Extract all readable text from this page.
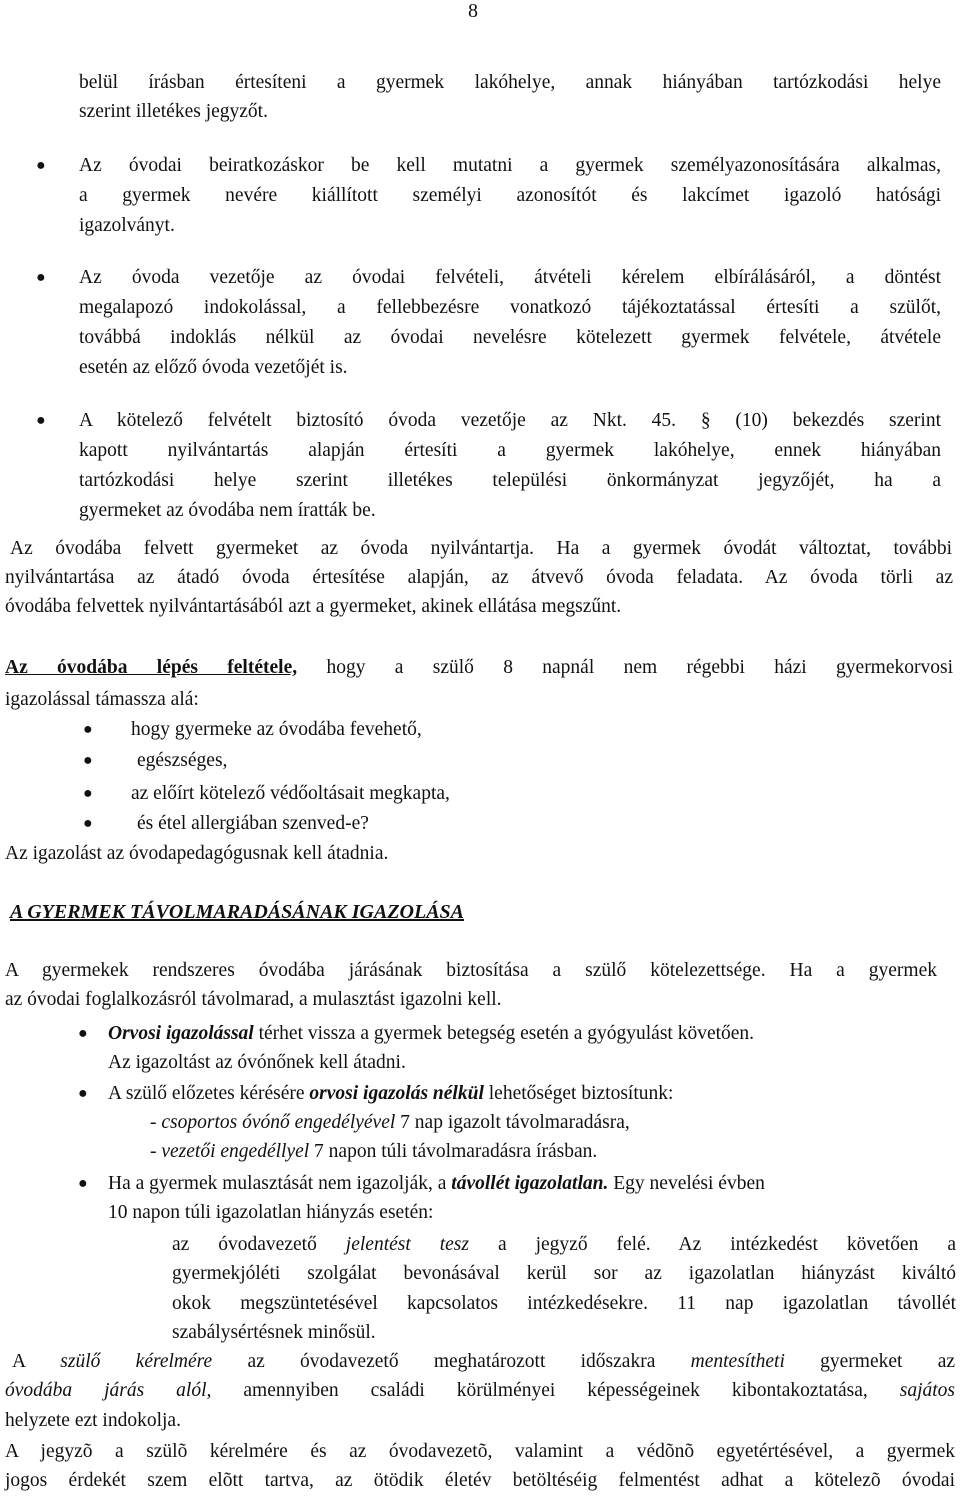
8
belül írásban értesíteni a gyermek lakóhelye, annak hiányában tartózkodási helye
szerint illetékes jegyzőt.
● Az óvodai beiratkozáskor be kell mutatni a gyermek személyazonosítására alkalmas,
a gyermek nevére kiállított személyi azonosítót és lakcímet igazoló hatósági
igazolványt.
● Az óvoda vezetője az óvodai felvételi, átvételi kérelem elbírálásáról, a döntést
megalapozó indokolással, a fellebbezésre vonatkozó tájékoztatással értesíti a szülőt,
továbbá indoklás nélkül az óvodai nevelésre kötelezett gyermek felvétele, átvétele
esetén az előző óvoda vezetőjét is.
● A kötelező felvételt biztosító óvoda vezetője az Nkt. 45. § (10) bekezdés szerint
kapott nyilvántartás alapján értesíti a gyermek lakóhelye, ennek hiányában
tartózkodási helye szerint illetékes települési önkormányzat jegyzőjét, ha a
gyermeket az óvodába nem íratták be.
Az óvodába felvett gyermeket az óvoda nyilvántartja. Ha a gyermek óvodát változtat, további
nyilvántartása az átadó óvoda értesítése alapján, az átvevő óvoda feladata. Az óvoda törli az
óvodába felvettek nyilvántartásából azt a gyermeket, akinek ellátása megszűnt.
Az óvodába lépés feltétele, hogy a szülő 8 napnál nem régebbi házi gyermekorvosi
igazolással támassza alá:
● hogy gyermeke az óvodába fevehető,
● egészséges,
● az előírt kötelező védőoltásait megkapta,
● és étel allergiában szenved-e?
Az igazolást az óvodapedagógusnak kell átadnia.
A GYERMEK TÁVOLMARADÁSÁNAK IGAZOLÁSA
A gyermekek rendszeres óvodába járásának biztosítása a szülő kötelezettsége. Ha a gyermek
az óvodai foglalkozásról távolmarad, a mulasztást igazolni kell.
● Orvosi igazolással térhet vissza a gyermek betegség esetén a gyógyulást követően.
Az igazoltást az óvónőnek kell átadni.
● A szülő előzetes kérésére orvosi igazolás nélkül lehetőséget biztosítunk:
- csoportos óvónő engedélyével 7 nap igazolt távolmaradásra,
- vezetői engedéllyel 7 napon túli távolmaradásra írásban.
● Ha a gyermek mulasztását nem igazolják, a távollét igazolatlan. Egy nevelési évben
10 napon túli igazolatlan hiányzás esetén:
az óvodavezető jelentést tesz a jegyző felé. Az intézkedést követően a
gyermekjóléti szolgálat bevonásával kerül sor az igazolatlan hiányzást kiváltó
okok megszüntetésével kapcsolatos intézkedésekre. 11 nap igazolatlan távollét
szabálysértésnek minősül.
A szülő kérelmére az óvodavezető meghatározott időszakra mentesítheti gyermeket az
óvodába járás alól, amennyiben családi körülményei képességeinek kibontakoztatása, sajátos
helyzete ezt indokolja.
A jegyzõ a szülõ kérelmére és az óvodavezetõ, valamint a védõnõ egyetértésével, a gyermek
jogos érdekét szem elõtt tartva, az ötödik életév betöltéséig felmentést adhat a kötelezõ óvodai
